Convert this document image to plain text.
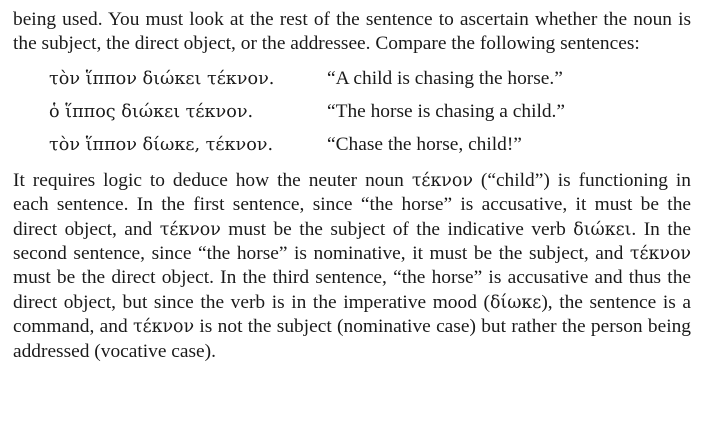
being used. You must look at the rest of the sentence to ascertain whether the noun is the subject, the direct object, or the addressee. Compare the following sentences:

τὸν ἵππον διώκει τέκνον.	“A child is chasing the horse.”
ὁ ἵππος διώκει τέκνον.	“The horse is chasing a child.”
τὸν ἵππον δίωκε, τέκνον.	“Chase the horse, child!”

It requires logic to deduce how the neuter noun τέκνον (“child”) is functioning in each sentence. In the first sentence, since “the horse” is accusative, it must be the direct object, and τέκνον must be the subject of the indicative verb διώκει. In the second sentence, since “the horse” is nominative, it must be the subject, and τέκνον must be the direct object. In the third sentence, “the horse” is accusative and thus the direct object, but since the verb is in the imperative mood (δίωκε), the sentence is a command, and τέκνον is not the subject (nominative case) but rather the person being addressed (vocative case).
